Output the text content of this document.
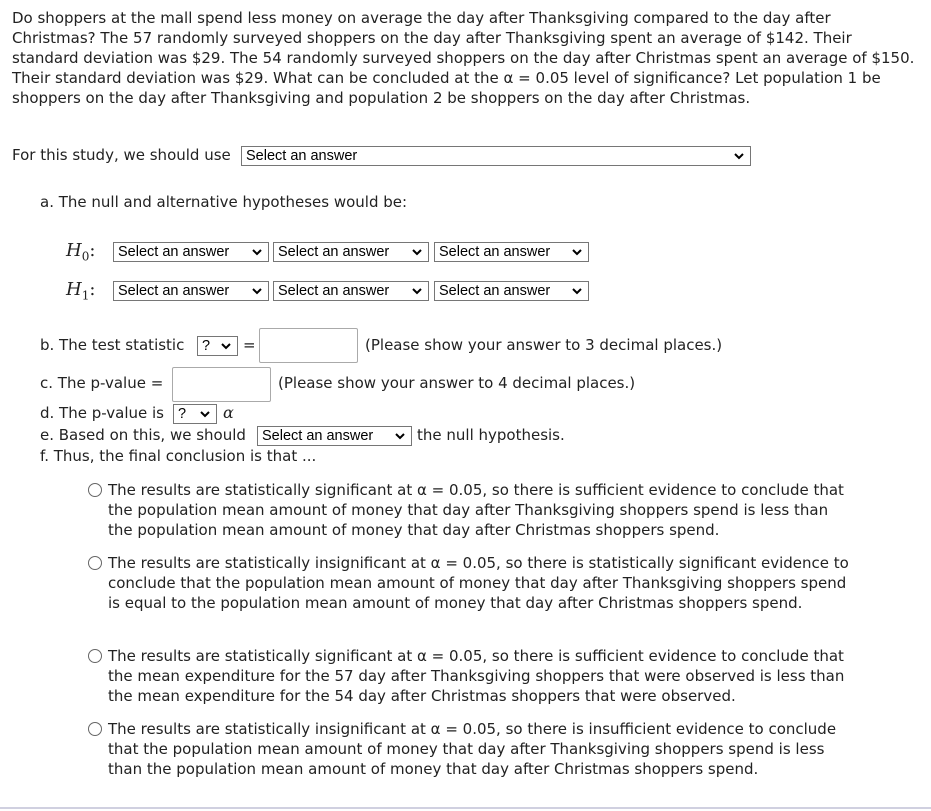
Do shoppers at the mall spend less money on average the day after Thanksgiving compared to the day after Christmas? The 57 randomly surveyed shoppers on the day after Thanksgiving spent an average of $142. Their standard deviation was $29. The 54 randomly surveyed shoppers on the day after Christmas spent an average of $150. Their standard deviation was $29. What can be concluded at the α = 0.05 level of significance? Let population 1 be shoppers on the day after Thanksgiving and population 2 be shoppers on the day after Christmas.
For this study, we should use	Select an answer
a. The null and alternative hypotheses would be:
$H_0$:	Select an answer	Select an answer	Select an answer
$H_1$:	Select an answer	Select an answer	Select an answer
b. The test statistic	?	=	(Please show your answer to 3 decimal places.)
c. The p-value =	(Please show your answer to 4 decimal places.)
d. The p-value is ?	α
e. Based on this, we should	Select an answer	the null hypothesis.
f. Thus, the final conclusion is that ...
The results are statistically significant at α = 0.05, so there is sufficient evidence to conclude that the population mean amount of money that day after Thanksgiving shoppers spend is less than the population mean amount of money that day after Christmas shoppers spend.
The results are statistically insignificant at α = 0.05, so there is statistically significant evidence to conclude that the population mean amount of money that day after Thanksgiving shoppers spend is equal to the population mean amount of money that day after Christmas shoppers spend.
The results are statistically significant at α = 0.05, so there is sufficient evidence to conclude that the mean expenditure for the 57 day after Thanksgiving shoppers that were observed is less than the mean expenditure for the 54 day after Christmas shoppers that were observed.
The results are statistically insignificant at α = 0.05, so there is insufficient evidence to conclude that the population mean amount of money that day after Thanksgiving shoppers spend is less than the population mean amount of money that day after Christmas shoppers spend.
